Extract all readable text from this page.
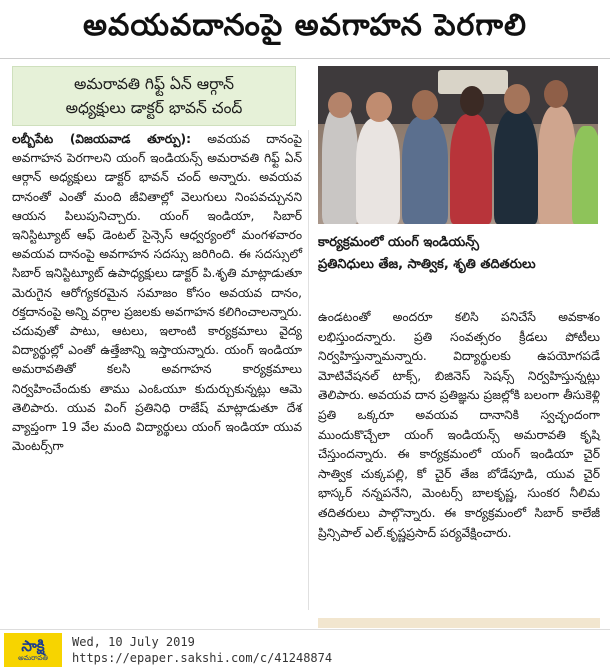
అవయవదానంపై అవగాహన పెరగాలి
అమరావతి గిఫ్ట్ ఏన్ ఆర్గాన్
అధ్యక్షులు డాక్టర్ భావన్ చంద్

లబ్బీపేట (విజయవాడ తూర్పు): అవయవ దానంపై అవగాహన పెరగాలని యంగ్ ఇండియన్స్ అమరావతి గిఫ్ట్ ఏన్ ఆర్గాన్ అధ్యక్షులు డాక్టర్ భావన్ చంద్ అన్నారు. అవయవ దానంతో ఎంతో మంది జీవితాల్లో వెలుగులు నింపవచ్చునని ఆయన పిలుపునిచ్చారు. యంగ్ ఇండియా, సిబార్ ఇనిస్టిట్యూట్ ఆఫ్ డెంటల్ సైన్సెస్ ఆధ్వర్యంలో మంగళవారం అవయవ దానంపై అవగాహన సదస్సు జరిగింది. ఈ సదస్సులో సిబార్ ఇనిస్టిట్యూట్ ఉపాధ్యక్షులు డాక్టర్ పి.శృతి మాట్లాడుతూ మెరుగైన ఆరోగ్యకరమైన సమాజం కోసం అవయవ దానం, రక్తదానంపై అన్ని వర్గాల ప్రజలకు అవగాహన కలిగించాలన్నారు. చదువుతో పాటు, ఆటలు, ఇలాంటి కార్యక్రమాలు వైద్య విద్యార్థుల్లో ఎంతో ఉత్తేజాన్ని ఇస్తాయన్నారు. యంగ్ ఇండియా అమరావతితో కలసి అవగాహన కార్యక్రమాలు నిర్వహించేందుకు తాము ఎంఓయూ కుదుర్చుకున్నట్లు ఆమె తెలిపారు. యువ వింగ్ ప్రతినిధి రాజేష్ మాట్లాడుతూ దేశ వ్యాప్తంగా 19 వేల మంది విద్యార్థులు యంగ్ ఇండియా యువ మెంటర్స్‌గా

కార్యక్రమంలో యంగ్ ఇండియన్స్
ప్రతినిధులు తేజ, సాత్విక, శృతి తదితరులు

ఉండటంతో అందరూ కలిసి పనిచేసే అవకాశం లభిస్తుందన్నారు. ప్రతి సంవత్సరం క్రీడలు పోటీలు నిర్వహిస్తున్నామన్నారు. విద్యార్థులకు ఉపయోగపడే మోటివేషనల్ టాక్స్, బిజినెస్ సెషన్స్ నిర్వహిస్తున్నట్లు తెలిపారు. అవయవ దాన ప్రతిజ్ఞను ప్రజల్లోకి బలంగా తీసుకెళ్లి ప్రతి ఒక్కరూ అవయవ దానానికి స్వచ్ఛందంగా ముందుకొచ్చేలా యంగ్ ఇండియన్స్ అమరావతి కృషి చేస్తుందన్నారు. ఈ కార్యక్రమంలో యంగ్ ఇండియా చైర్ సాత్విక చుక్కపల్లి, కో చైర్ తేజ బోడేపూడి, యువ చైర్ భాస్కర్ నన్నపనేని, మెంటర్స్ బాలకృష్ణ, సుంకర నీలిమ తదితరులు పాల్గొన్నారు. ఈ కార్యక్రమంలో సిబార్ కాలేజీ ప్రిన్సిపాల్ ఎల్.కృష్ణప్రసాద్ పర్యవేక్షించారు.

సాక్షి
అమరావతి
Wed, 10 July 2019
https://epaper.sakshi.com/c/41248874
